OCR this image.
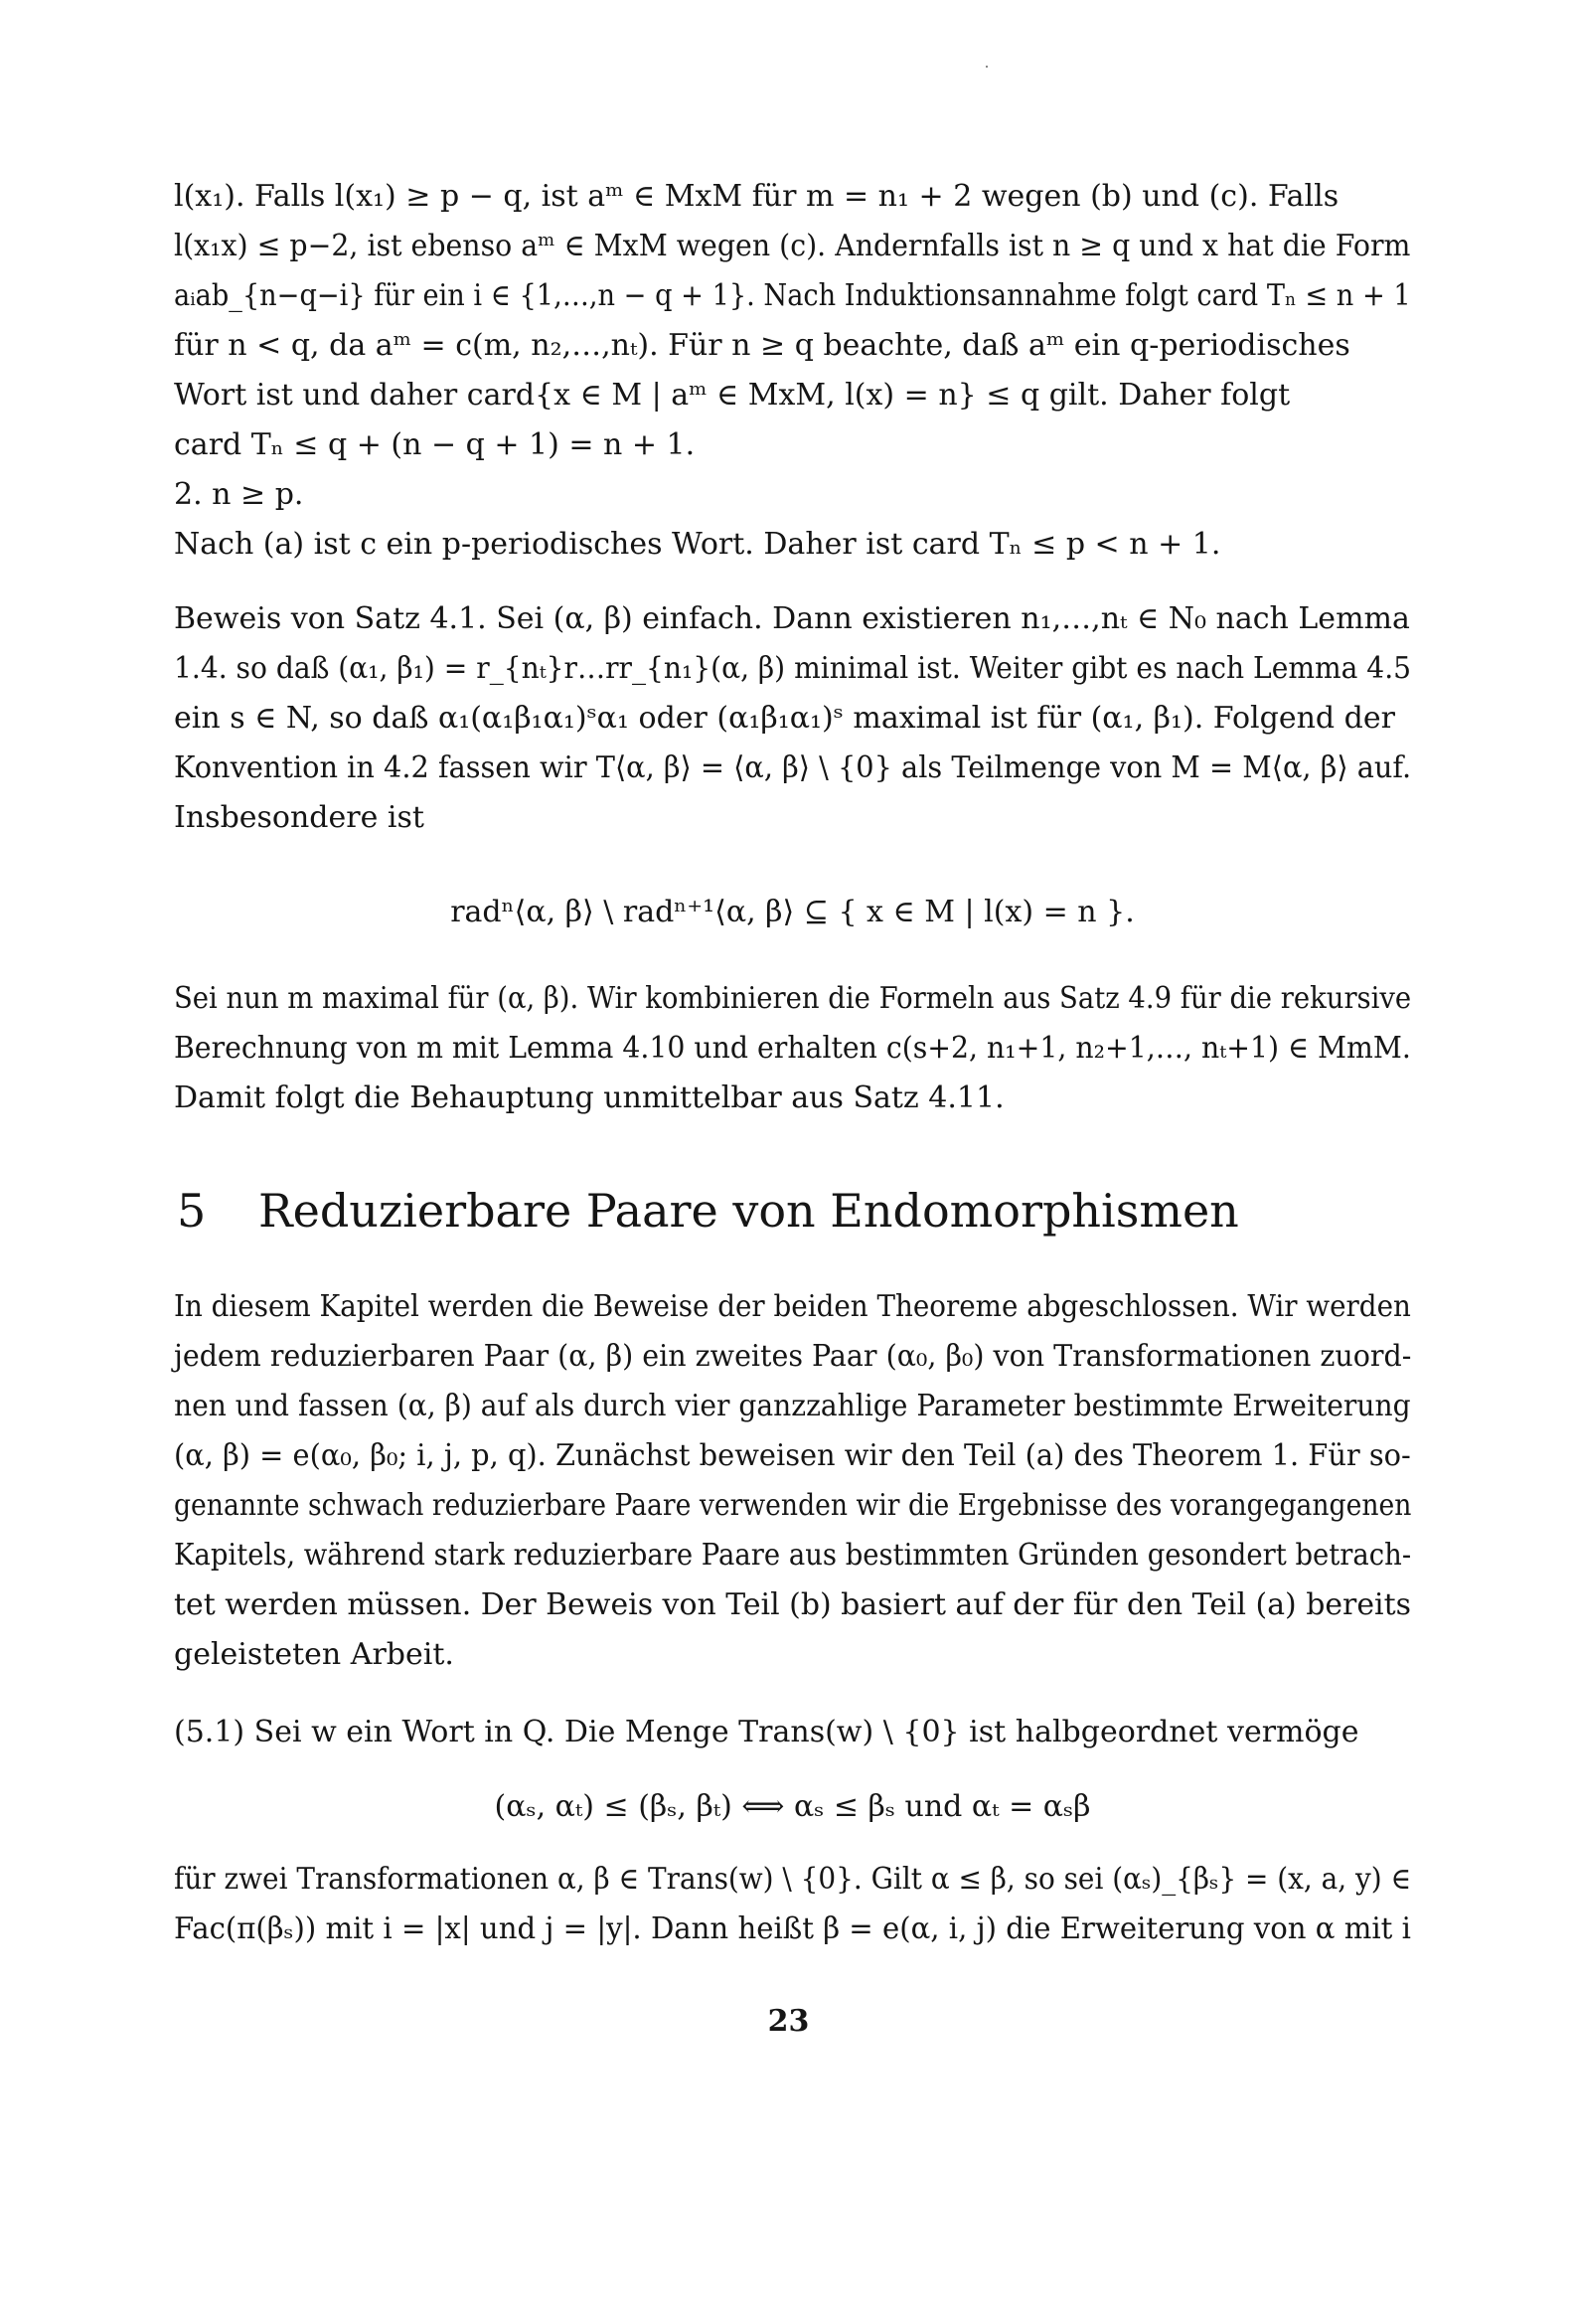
l(x₁). Falls l(x₁) ≥ p − q, ist aᵐ ∈ MxM für m = n₁ + 2 wegen (b) und (c). Falls
l(x₁x) ≤ p−2, ist ebenso aᵐ ∈ MxM wegen (c). Andernfalls ist n ≥ q und x hat die Form
aᵢab_{n−q−i} für ein i ∈ {1,…,n − q + 1}. Nach Induktionsannahme folgt card Tₙ ≤ n + 1
für n < q, da aᵐ = c(m, n₂,…,nₜ). Für n ≥ q beachte, daß aᵐ ein q-periodisches
Wort ist und daher card{x ∈ M | aᵐ ∈ MxM, l(x) = n} ≤ q gilt. Daher folgt
card Tₙ ≤ q + (n − q + 1) = n + 1.
2. n ≥ p.
Nach (a) ist c ein p-periodisches Wort. Daher ist card Tₙ ≤ p < n + 1.

Beweis von Satz 4.1. Sei (α, β) einfach. Dann existieren n₁,…,nₜ ∈ N₀ nach Lemma
1.4. so daß (α₁, β₁) = r_{nₜ}r…rr_{n₁}(α, β) minimal ist. Weiter gibt es nach Lemma 4.5
ein s ∈ N, so daß α₁(α₁β₁α₁)ˢα₁ oder (α₁β₁α₁)ˢ maximal ist für (α₁, β₁). Folgend der
Konvention in 4.2 fassen wir T⟨α, β⟩ = ⟨α, β⟩ \ {0} als Teilmenge von M = M⟨α, β⟩ auf.
Insbesondere ist

radⁿ⟨α, β⟩ \ radⁿ⁺¹⟨α, β⟩ ⊆ { x ∈ M | l(x) = n }.

Sei nun m maximal für (α, β). Wir kombinieren die Formeln aus Satz 4.9 für die rekursive
Berechnung von m mit Lemma 4.10 und erhalten c(s+2, n₁+1, n₂+1,…, nₜ+1) ∈ MmM.
Damit folgt die Behauptung unmittelbar aus Satz 4.11.

5 Reduzierbare Paare von Endomorphismen

In diesem Kapitel werden die Beweise der beiden Theoreme abgeschlossen. Wir werden
jedem reduzierbaren Paar (α, β) ein zweites Paar (α₀, β₀) von Transformationen zuord-
nen und fassen (α, β) auf als durch vier ganzzahlige Parameter bestimmte Erweiterung
(α, β) = e(α₀, β₀; i, j, p, q). Zunächst beweisen wir den Teil (a) des Theorem 1. Für so-
genannte schwach reduzierbare Paare verwenden wir die Ergebnisse des vorangegangenen
Kapitels, während stark reduzierbare Paare aus bestimmten Gründen gesondert betrach-
tet werden müssen. Der Beweis von Teil (b) basiert auf der für den Teil (a) bereits
geleisteten Arbeit.

(5.1) Sei w ein Wort in Q. Die Menge Trans(w) \ {0} ist halbgeordnet vermöge

(αₛ, αₜ) ≤ (βₛ, βₜ) ⟺ αₛ ≤ βₛ und αₜ = αₛβ

für zwei Transformationen α, β ∈ Trans(w) \ {0}. Gilt α ≤ β, so sei (αₛ)_{βₛ} = (x, a, y) ∈
Fac(π(βₛ)) mit i = |x| und j = |y|. Dann heißt β = e(α, i, j) die Erweiterung von α mit i

23
